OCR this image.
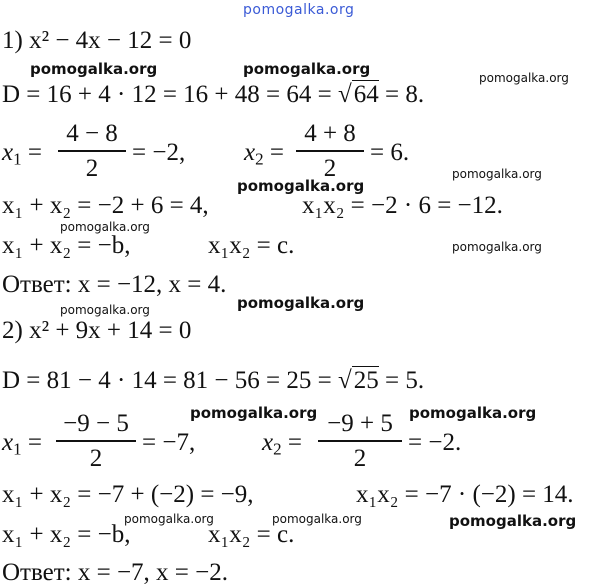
pomogalka.org
1) x² − 4x − 12 = 0
pomogalka.org	pomogalka.org	pomogalka.org
D = 16 + 4 · 12 = 16 + 48 = 64 = √64 = 8.
$x_1$ =
4 − 8
2
= −2, $x_2$ =
4 + 8
2
= 6.
pomogalka.org
pomogalka.org
x₁ + x₂ = −2 + 6 = 4,	x₁x₂ = −2 · 6 = −12.
pomogalka.org
pomogalka.org
x₁ + x₂ = −b,	x₁x₂ = c.
Ответ: x = −12, x = 4.
pomogalka.org
pomogalka.org
2) x² + 9x + 14 = 0
D = 81 − 4 · 14 = 81 − 56 = 25 = √25 = 5.
pomogalka.org	pomogalka.org
$x_1$ =
−9 − 5
2
= −7,	$x_2$ =
−9 + 5
2
= −2.
x₁ + x₂ = −7 + (−2) = −9,	x₁x₂ = −7 · (−2) = 14.
pomogalka.org	pomogalka.org	pomogalka.org
x₁ + x₂ = −b,	x₁x₂ = c.
Ответ: x = −7, x = −2.
